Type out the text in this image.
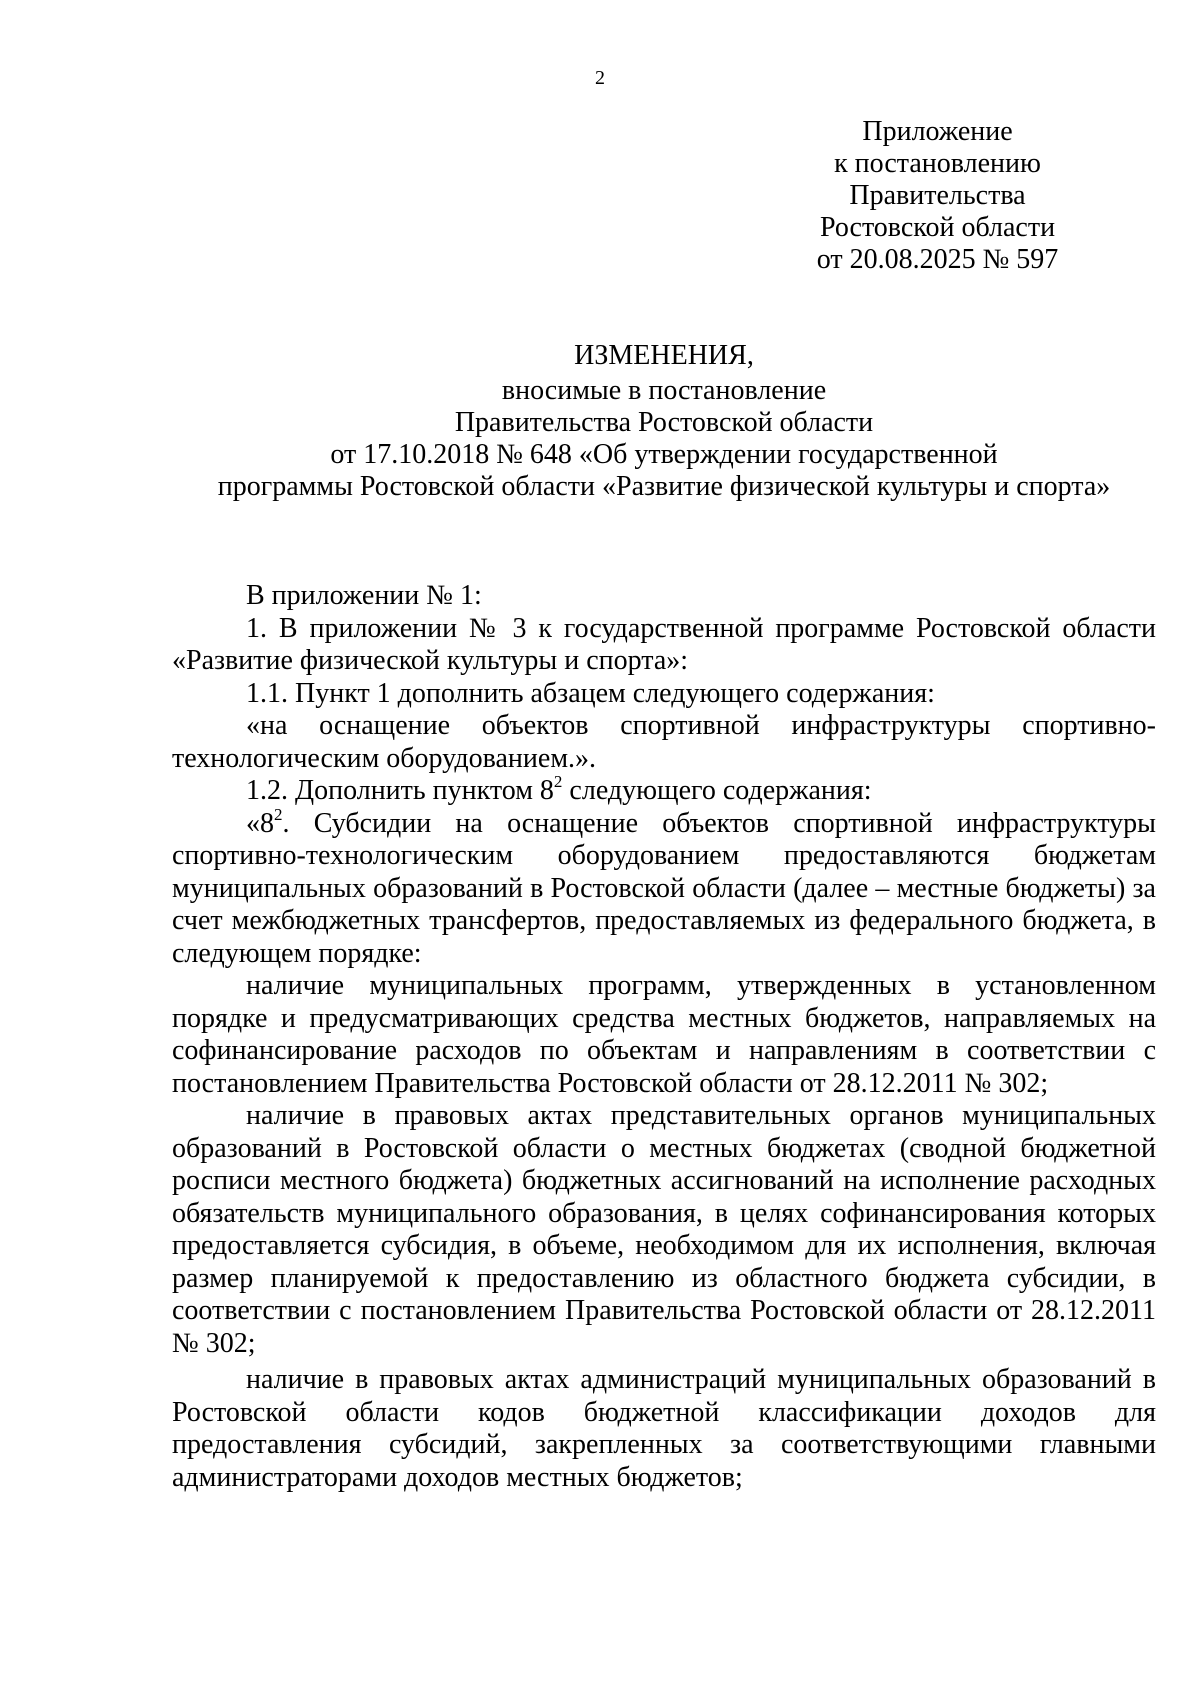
2
Приложение
к постановлению
Правительства
Ростовской области
от 20.08.2025 № 597
ИЗМЕНЕНИЯ,
вносимые в постановление
Правительства Ростовской области
от 17.10.2018 № 648 «Об утверждении государственной
программы Ростовской области «Развитие физической культуры и спорта»

В приложении № 1:

1. В приложении № 3 к государственной программе Ростовской области «Развитие физической культуры и спорта»:

1.1. Пункт 1 дополнить абзацем следующего содержания:

«на оснащение объектов спортивной инфраструктуры спортивно-технологическим оборудованием.».

1.2. Дополнить пунктом $8^2$ следующего содержания:

«$8^2$. Субсидии на оснащение объектов спортивной инфраструктуры спортивно-технологическим оборудованием предоставляются бюджетам муниципальных образований в Ростовской области (далее – местные бюджеты) за счет межбюджетных трансфертов, предоставляемых из федерального бюджета, в следующем порядке:

наличие муниципальных программ, утвержденных в установленном порядке и предусматривающих средства местных бюджетов, направляемых на софинансирование расходов по объектам и направлениям в соответствии с постановлением Правительства Ростовской области от 28.12.2011 № 302;

наличие в правовых актах представительных органов муниципальных образований в Ростовской области о местных бюджетах (сводной бюджетной росписи местного бюджета) бюджетных ассигнований на исполнение расходных обязательств муниципального образования, в целях софинансирования которых предоставляется субсидия, в объеме, необходимом для их исполнения, включая размер планируемой к предоставлению из областного бюджета субсидии, в соответствии с постановлением Правительства Ростовской области от 28.12.2011 № 302;

наличие в правовых актах администраций муниципальных образований в Ростовской области кодов бюджетной классификации доходов для предоставления субсидий, закрепленных за соответствующими главными администраторами доходов местных бюджетов;
